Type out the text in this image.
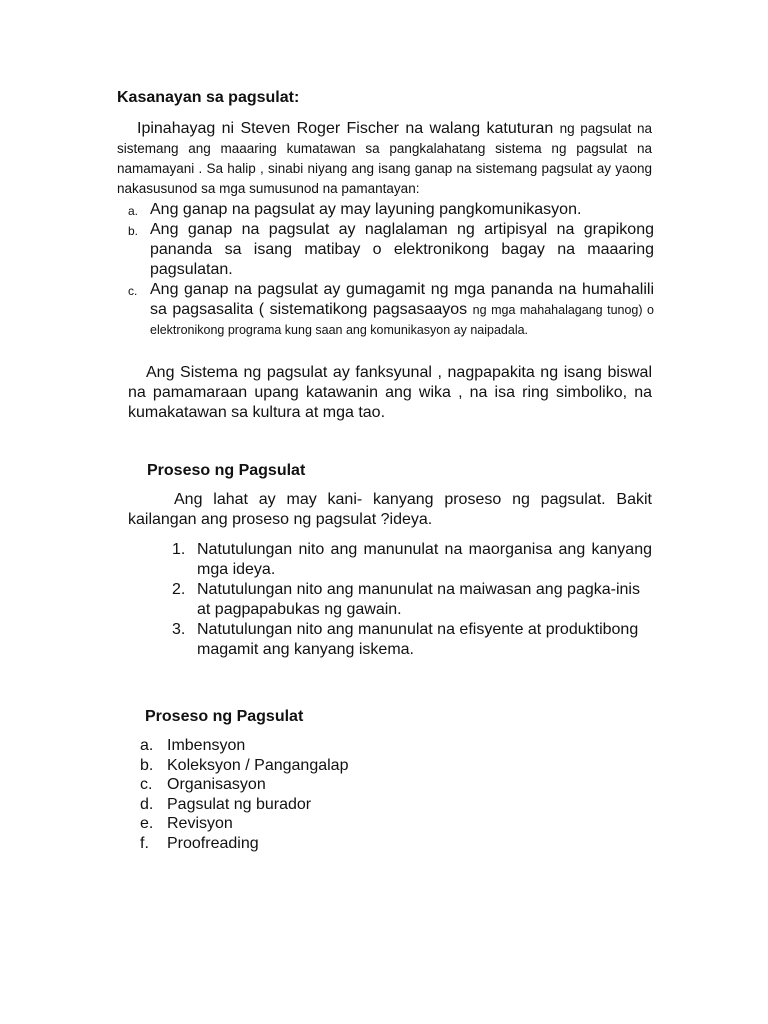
Kasanayan sa pagsulat:
Ipinahayag ni Steven Roger Fischer na walang katuturan ng pagsulat na sistemang ang maaaring kumatawan sa pangkalahatang sistema ng pagsulat na namamayani . Sa halip , sinabi niyang ang isang ganap na sistemang pagsulat ay yaong nakasusunod sa mga sumusunod na pamantayan:
a. Ang ganap na pagsulat ay may layuning pangkomunikasyon.
b. Ang ganap na pagsulat ay naglalaman ng artipisyal na grapikong pananda sa isang matibay o elektronikong bagay na maaaring pagsulatan.
c. Ang ganap na pagsulat ay gumagamit ng mga pananda na humahalili sa pagsasalita ( sistematikong pagsasaayos ng mga mahahalagang tunog) o elektronikong programa kung saan ang komunikasyon ay naipadala.
Ang Sistema ng pagsulat ay fanksyunal , nagpapakita ng isang biswal na pamamaraan upang katawanin ang wika , na isa ring simboliko, na kumakatawan sa kultura at mga tao.
Proseso ng Pagsulat
Ang lahat ay may kani- kanyang proseso ng pagsulat. Bakit kailangan ang proseso ng pagsulat ?ideya.
1. Natutulungan nito ang manunulat na maorganisa ang kanyang mga ideya.
2. Natutulungan nito ang manunulat na maiwasan ang pagka-inis
at pagpapabukas ng gawain.
3. Natutulungan nito ang manunulat na efisyente at produktibong
magamit ang kanyang iskema.
Proseso ng Pagsulat
a. Imbensyon
b. Koleksyon / Pangangalap
c. Organisasyon
d. Pagsulat ng burador
e. Revisyon
f. Proofreading
